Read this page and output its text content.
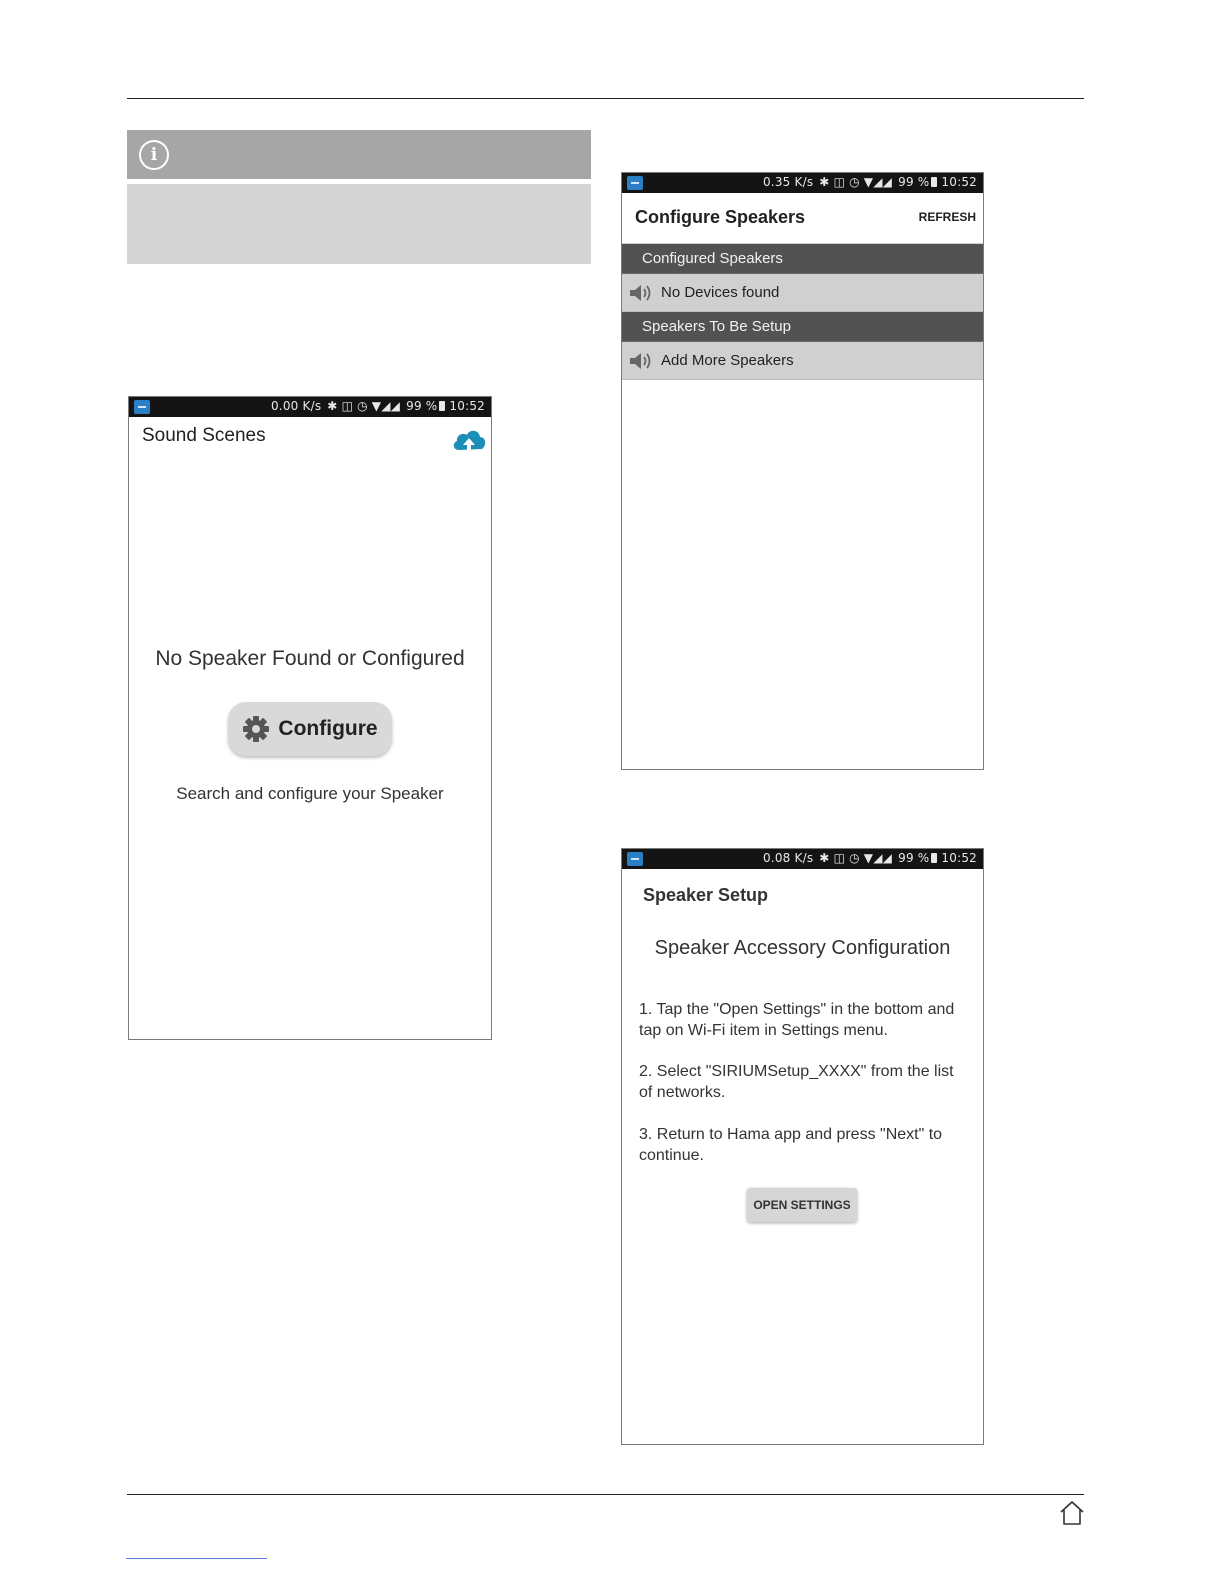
i
0.00 K/s ✱ ◫ ◷ ▼◢◢ 99 % 10:52
Sound Scenes
No Speaker Found or Configured
Configure
Search and configure your Speaker
0.35 K/s ✱ ◫ ◷ ▼◢◢ 99 % 10:52
Configure Speakers	REFRESH
Configured Speakers
No Devices found
Speakers To Be Setup
Add More Speakers
0.08 K/s ✱ ◫ ◷ ▼◢◢ 99 % 10:52
Speaker Setup
Speaker Accessory Configuration
1. Tap the "Open Settings" in the bottom and tap on Wi-Fi item in Settings menu.
2. Select "SIRIUMSetup_XXXX" from the list of networks.
3. Return to Hama app and press "Next" to continue.
OPEN SETTINGS
